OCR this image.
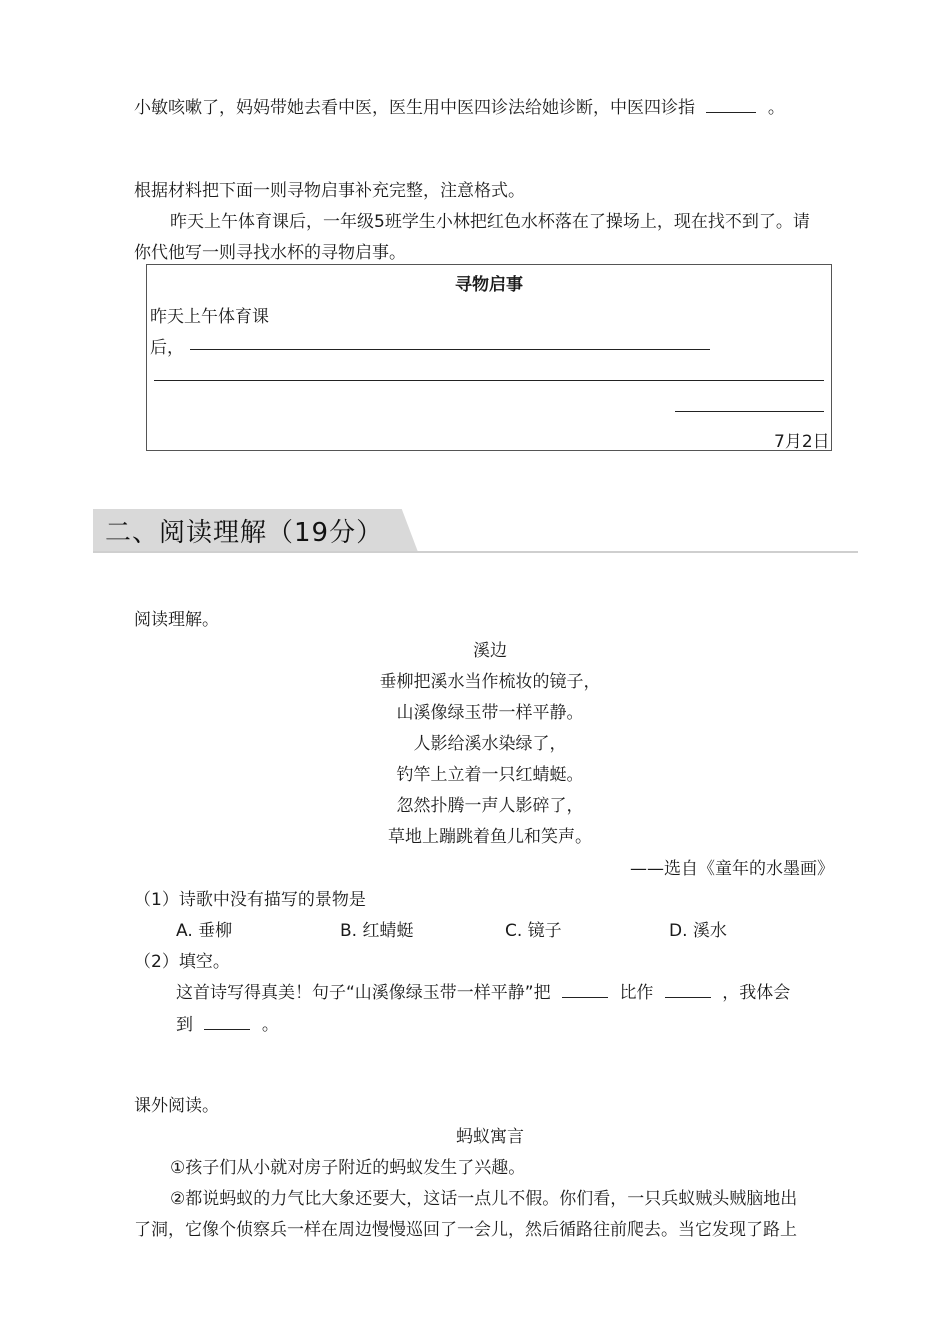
小敏咳嗽了，妈妈带她去看中医，医生用中医四诊法给她诊断，中医四诊指	。
根据材料把下面一则寻物启事补充完整，注意格式。
昨天上午体育课后，一年级5班学生小林把红色水杯落在了操场上，现在找不到了。请
你代他写一则寻找水杯的寻物启事。
寻物启事
昨天上午体育课
后，
7月2日
二、阅读理解（19分）
阅读理解。
溪边
垂柳把溪水当作梳妆的镜子，
山溪像绿玉带一样平静。
人影给溪水染绿了，
钓竿上立着一只红蜻蜓。
忽然扑腾一声人影碎了，
草地上蹦跳着鱼儿和笑声。
——选自《童年的水墨画》
（1）诗歌中没有描写的景物是
A. 垂柳	B. 红蜻蜓	C. 镜子	D. 溪水
（2）填空。
这首诗写得真美！句子“山溪像绿玉带一样平静”把	比作	，我体会
到	。
课外阅读。
蚂蚁寓言
①孩子们从小就对房子附近的蚂蚁发生了兴趣。
②都说蚂蚁的力气比大象还要大，这话一点儿不假。你们看，一只兵蚁贼头贼脑地出
了洞，它像个侦察兵一样在周边慢慢巡回了一会儿，然后循路往前爬去。当它发现了路上
